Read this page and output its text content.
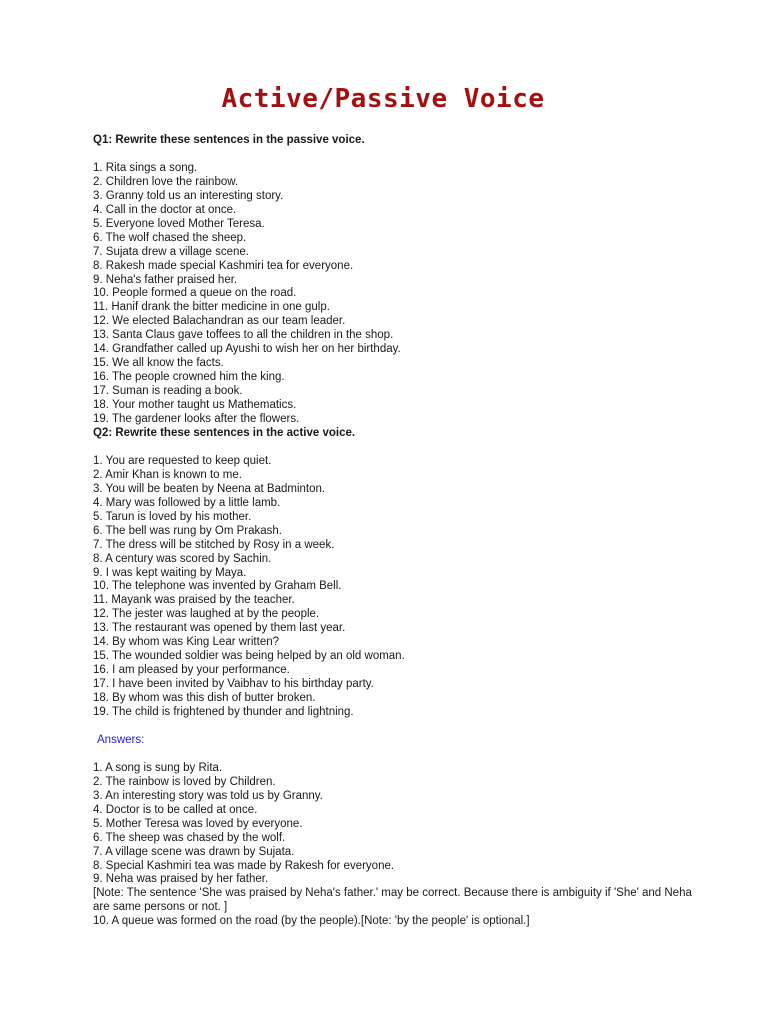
Active/Passive Voice
Q1: Rewrite these sentences in the passive voice.
1. Rita sings a song.
2. Children love the rainbow.
3. Granny told us an interesting story.
4. Call in the doctor at once.
5. Everyone loved Mother Teresa.
6. The wolf chased the sheep.
7. Sujata drew a village scene.
8. Rakesh made special Kashmiri tea for everyone.
9. Neha's father praised her.
10. People formed a queue on the road.
11. Hanif drank the bitter medicine in one gulp.
12. We elected Balachandran as our team leader.
13. Santa Claus gave toffees to all the children in the shop.
14. Grandfather called up Ayushi to wish her on her birthday.
15. We all know the facts.
16. The people crowned him the king.
17. Suman is reading a book.
18. Your mother taught us Mathematics.
19. The gardener looks after the flowers.
Q2: Rewrite these sentences in the active voice.
1. You are requested to keep quiet.
2. Amir Khan is known to me.
3. You will be beaten by Neena at Badminton.
4. Mary was followed by a little lamb.
5. Tarun is loved by his mother.
6. The bell was rung by Om Prakash.
7. The dress will be stitched by Rosy in a week.
8. A century was scored by Sachin.
9. I was kept waiting by Maya.
10. The telephone was invented by Graham Bell.
11. Mayank was praised by the teacher.
12. The jester was laughed at by the people.
13. The restaurant was opened by them last year.
14. By whom was King Lear written?
15. The wounded soldier was being helped by an old woman.
16. I am pleased by your performance.
17. I have been invited by Vaibhav to his birthday party.
18. By whom was this dish of butter broken.
19. The child is frightened by thunder and lightning.
Answers:
1. A song is sung by Rita.
2. The rainbow is loved by Children.
3. An interesting story was told us by Granny.
4. Doctor is to be called at once.
5. Mother Teresa was loved by everyone.
6. The sheep was chased by the wolf.
7. A village scene was drawn by Sujata.
8. Special Kashmiri tea was made by Rakesh for everyone.
9. Neha was praised by her father.
[Note: The sentence 'She was praised by Neha's father.' may be correct. Because there is ambiguity if 'She' and Neha are same persons or not. ]
10. A queue was formed on the road (by the people).[Note: 'by the people' is optional.]
